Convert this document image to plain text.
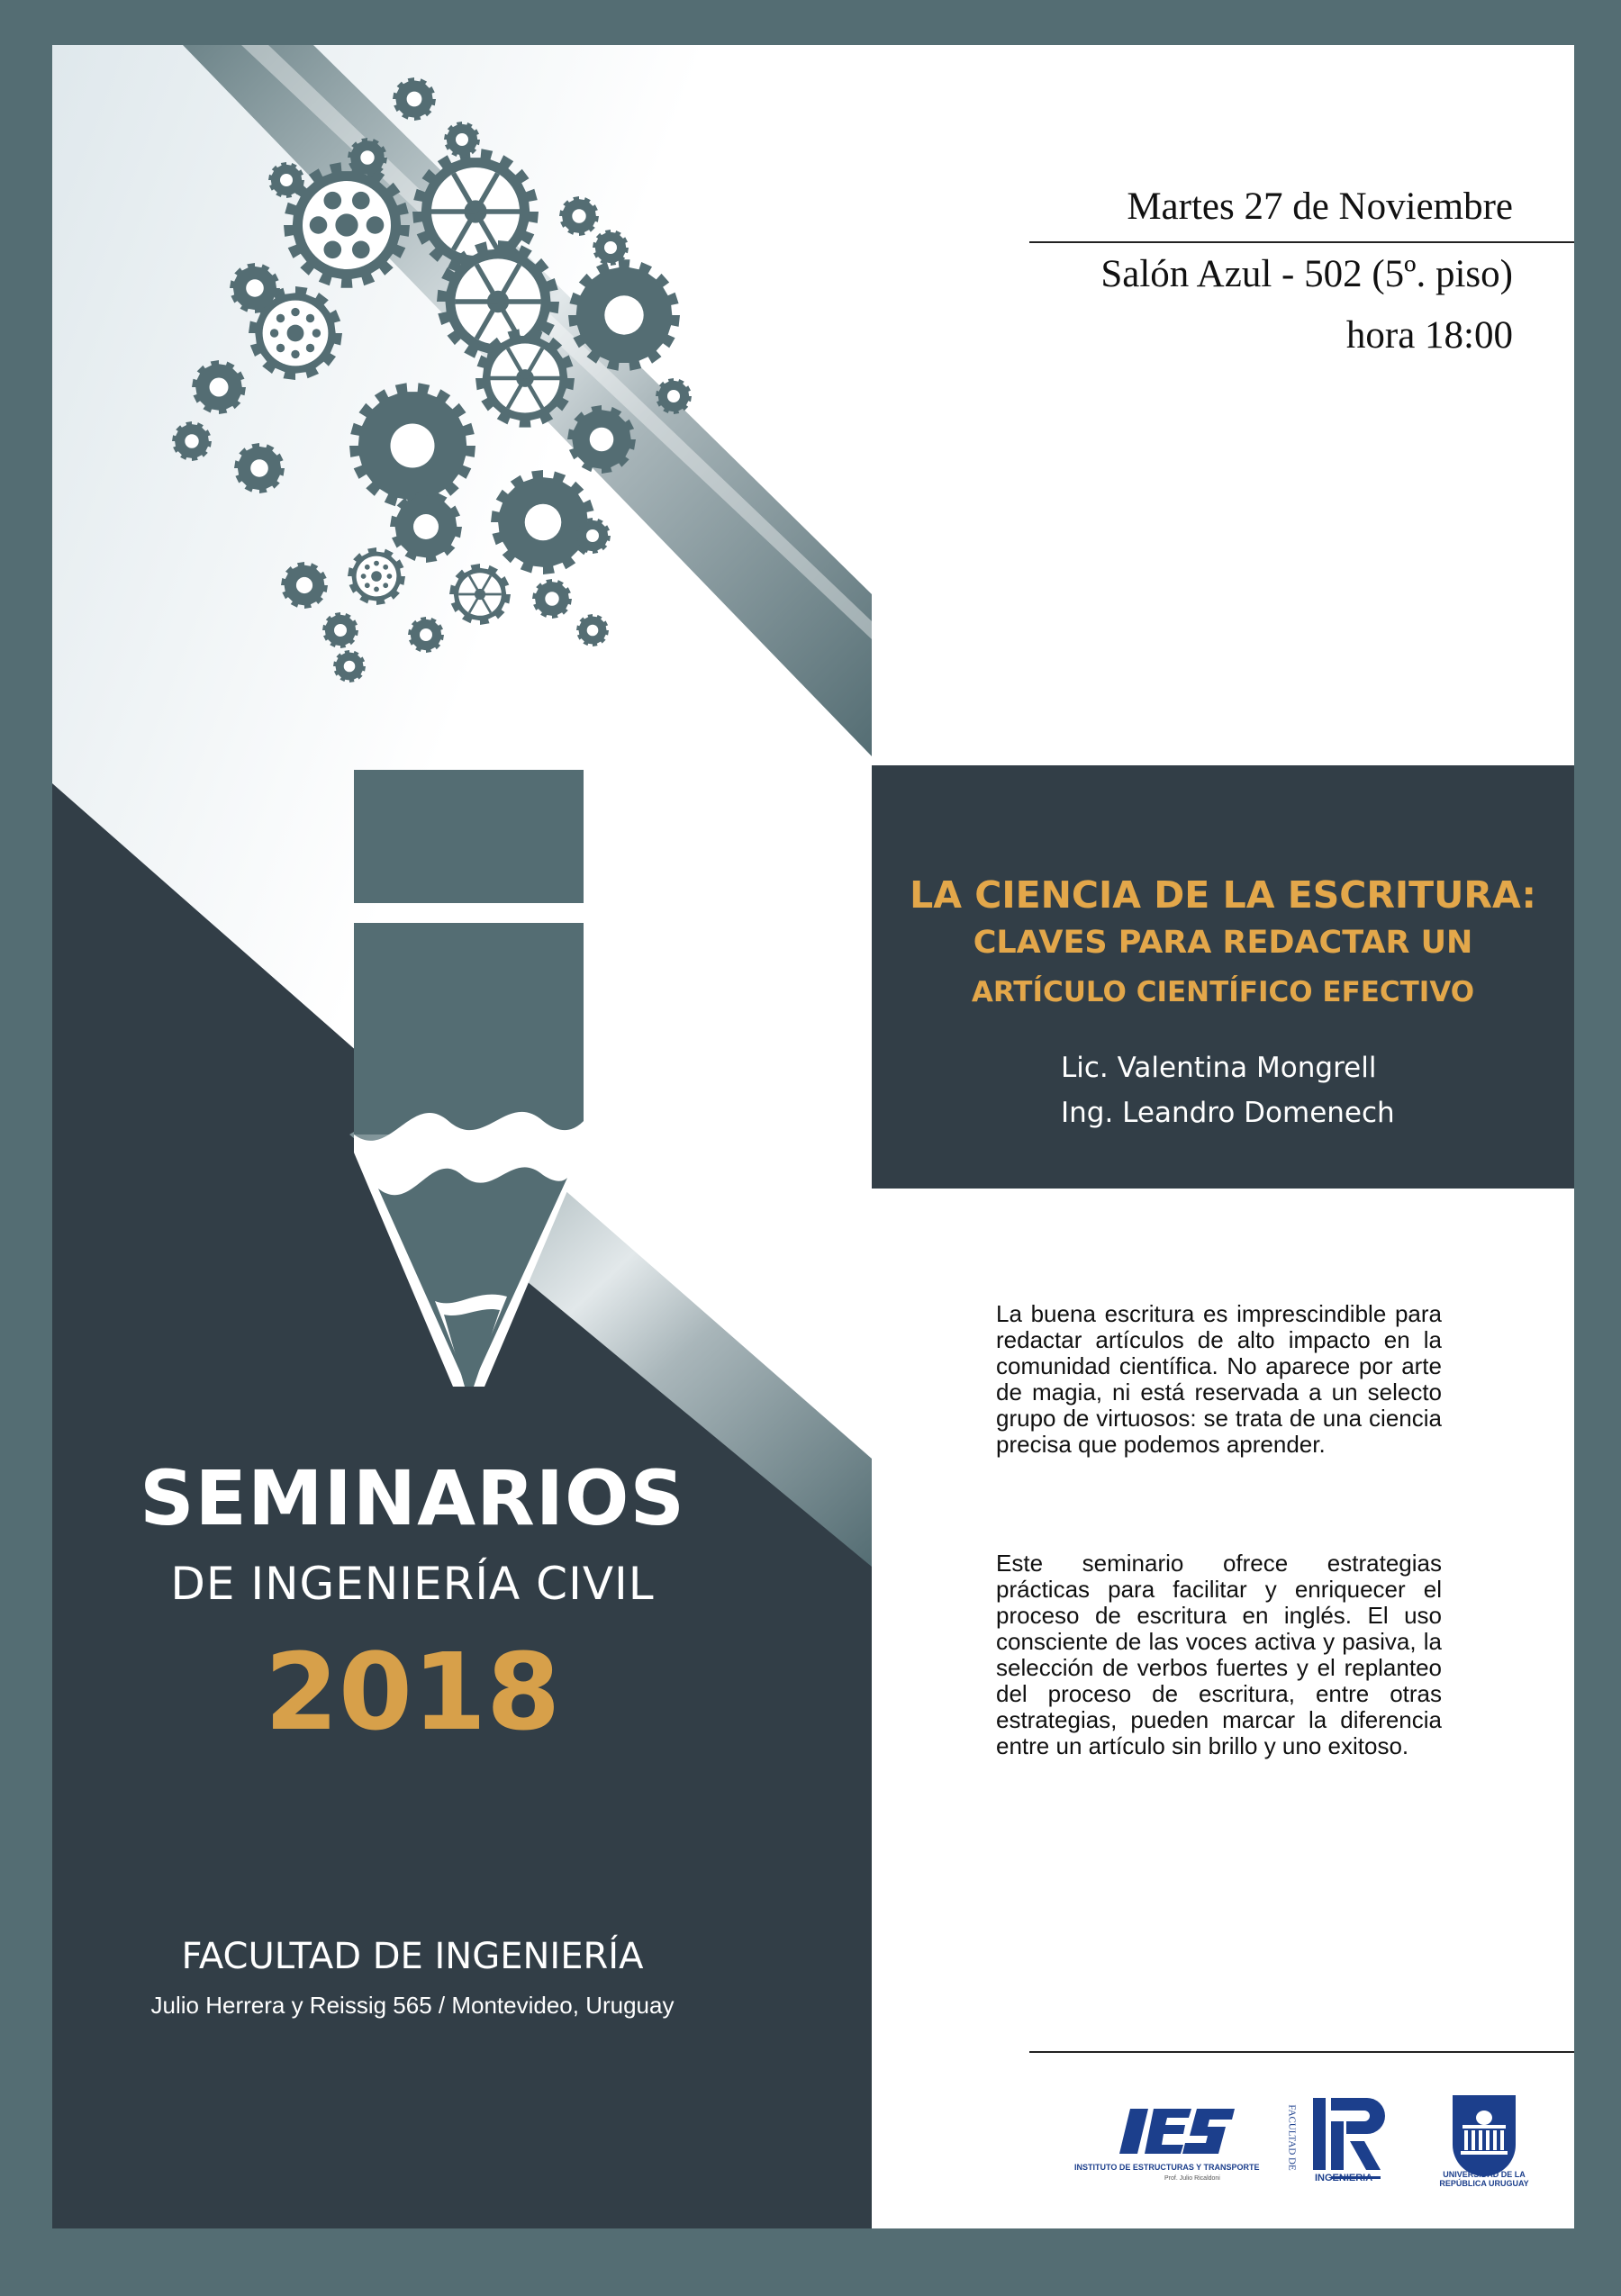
SEMINARIOS
DE INGENIERÍA CIVIL
2018
FACULTAD DE INGENIERÍA
Julio Herrera y Reissig 565 / Montevideo, Uruguay
Martes 27 de Noviembre
Salón Azul - 502 (5º. piso)
hora 18:00
LA CIENCIA DE LA ESCRITURA:
CLAVES PARA REDACTAR UN
ARTÍCULO CIENTÍFICO EFECTIVO
Lic. Valentina Mongrell
Ing. Leandro Domenech

La buena escritura es imprescindible para redactar artículos de alto impacto en la comunidad científica. No aparece por arte de magia, ni está reservada a un selecto grupo de virtuosos: se trata de una ciencia precisa que podemos aprender.

Este seminario ofrece estrategias prácticas para facilitar y enriquecer el proceso de escritura en inglés. El uso consciente de las voces activa y pasiva, la selección de verbos fuertes y el replanteo del proceso de escritura, entre otras estrategias, pueden marcar la diferencia entre un artículo sin brillo y uno exitoso.

INSTITUTO DE ESTRUCTURAS Y TRANSPORTE
Prof. Julio Ricaldoni
FACULTAD DE
INGENIERIA	UNIVERSIDAD DE LA REPÚBLICA URUGUAY
